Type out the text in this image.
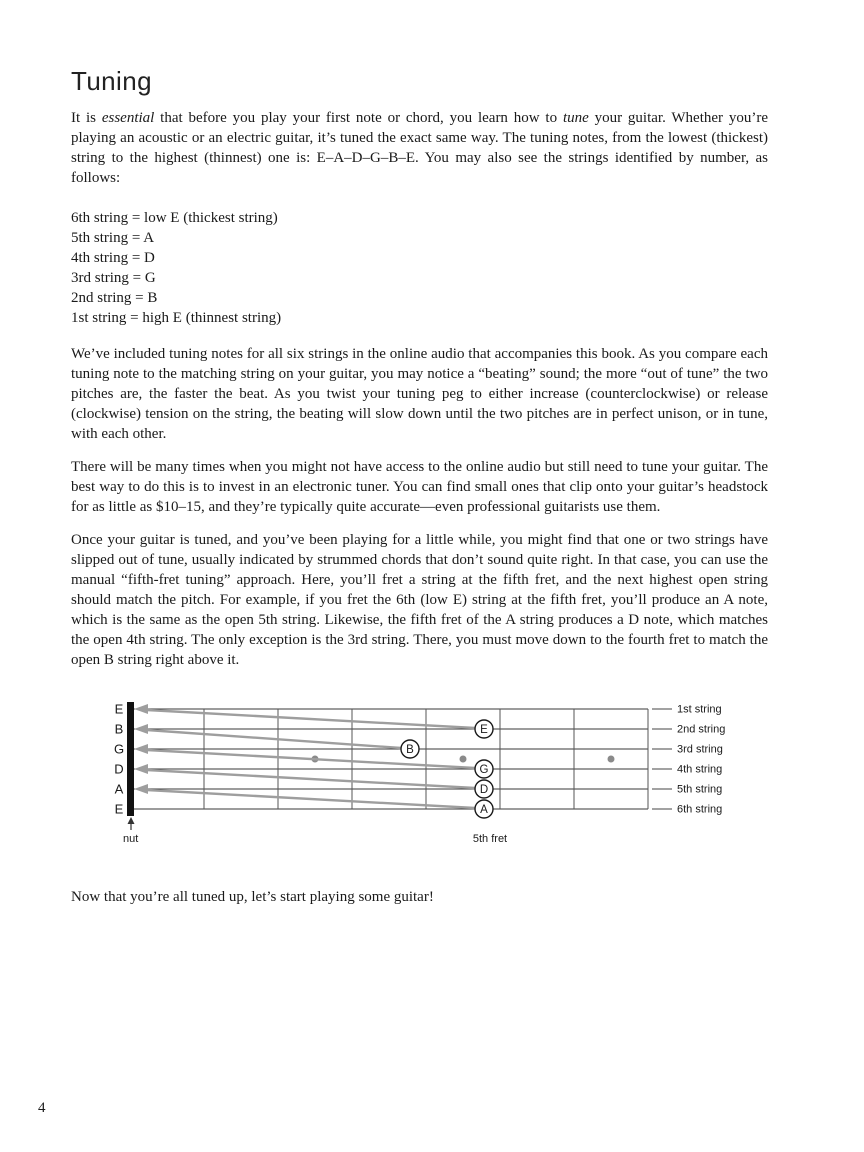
Tuning

It is essential that before you play your first note or chord, you learn how to tune your guitar. Whether you’re playing an acoustic or an electric guitar, it’s tuned the exact same way. The tuning notes, from the lowest (thickest) string to the highest (thinnest) one is: E–A–D–G–B–E. You may also see the strings identified by number, as follows:

6th string = low E (thickest string)
5th string = A
4th string = D
3rd string = G
2nd string = B
1st string = high E (thinnest string)

We’ve included tuning notes for all six strings in the online audio that accompanies this book. As you compare each tuning note to the matching string on your guitar, you may notice a “beating” sound; the more “out of tune” the two pitches are, the faster the beat. As you twist your tuning peg to either increase (counterclockwise) or release (clockwise) tension on the string, the beating will slow down until the two pitches are in perfect unison, or in tune, with each other.

There will be many times when you might not have access to the online audio but still need to tune your guitar. The best way to do this is to invest in an electronic tuner. You can find small ones that clip onto your guitar’s headstock for as little as $10–15, and they’re typically quite accurate—even professional guitarists use them.

Once your guitar is tuned, and you’ve been playing for a little while, you might find that one or two strings have slipped out of tune, usually indicated by strummed chords that don’t sound quite right. In that case, you can use the manual “fifth-fret tuning” approach. Here, you’ll fret a string at the fifth fret, and the next highest open string should match the pitch. For example, if you fret the 6th (low E) string at the fifth fret, you’ll produce an A note, which is the same as the open 5th string. Likewise, the fifth fret of the A string produces a D note, which matches the open 4th string. The only exception is the 3rd string. There, you must move down to the fourth fret to match the open B string right above it.

E
B
G
D
A
E
E
B
G
D
A
1st string
2nd string
3rd string
4th string
5th string
6th string
nut	5th fret

Now that you’re all tuned up, let’s start playing some guitar!

4
